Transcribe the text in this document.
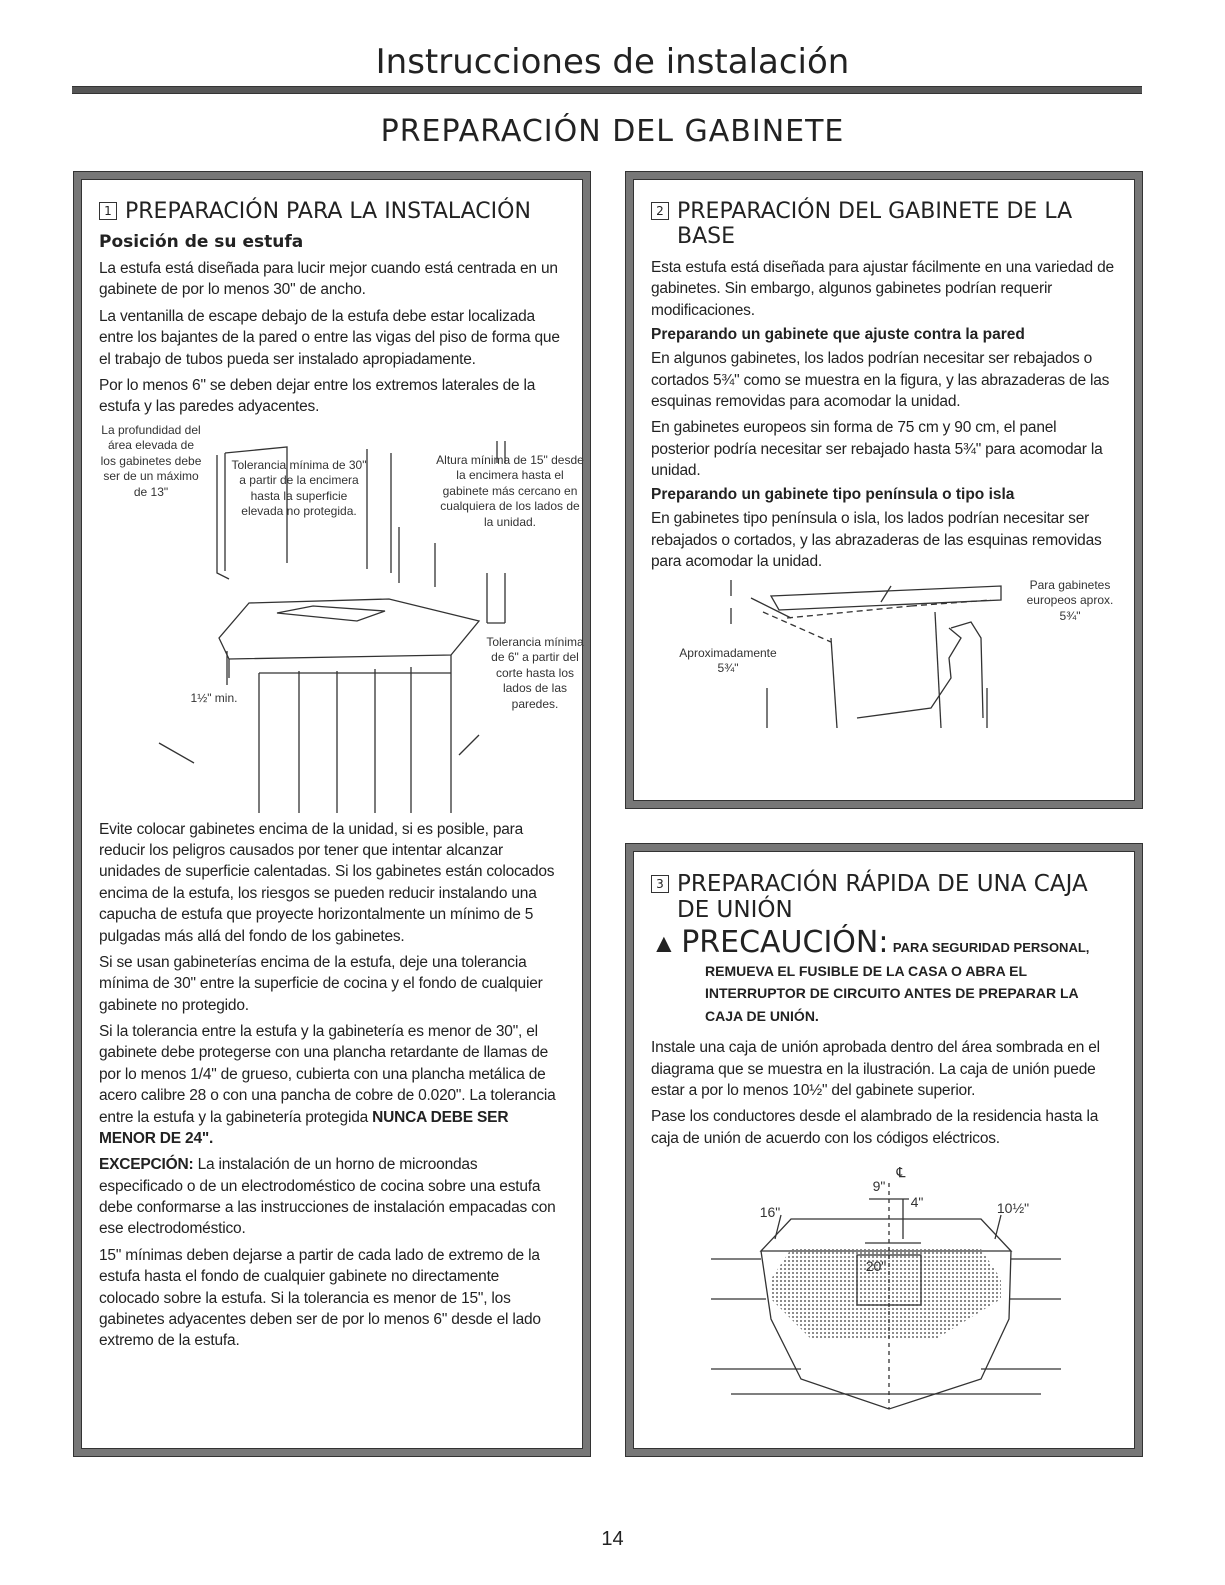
Instrucciones de instalación
PREPARACIÓN DEL GABINETE
1 PREPARACIÓN PARA LA INSTALACIÓN
Posición de su estufa

La estufa está diseñada para lucir mejor cuando está centrada en un gabinete de por lo menos 30" de ancho.

La ventanilla de escape debajo de la estufa debe estar localizada entre los bajantes de la pared o entre las vigas del piso de forma que el trabajo de tubos pueda ser instalado apropiadamente.

Por lo menos 6" se deben dejar entre los extremos laterales de la estufa y las paredes adyacentes.

La profundidad del área elevada de los gabinetes debe ser de un máximo de 13"
Tolerancia mínima de 30" a partir de la encimera hasta la superficie elevada no protegida.
Altura mínima de 15" desde la encimera hasta el gabinete más cercano en cualquiera de los lados de la unidad.
Tolerancia mínima de 6" a partir del corte hasta los lados de las paredes.
1½" min.

Evite colocar gabinetes encima de la unidad, si es posible, para reducir los peligros causados por tener que intentar alcanzar unidades de superficie calentadas. Si los gabinetes están colocados encima de la estufa, los riesgos se pueden reducir instalando una capucha de estufa que proyecte horizontalmente un mínimo de 5 pulgadas más allá del fondo de los gabinetes.

Si se usan gabineterías encima de la estufa, deje una tolerancia mínima de 30" entre la superficie de cocina y el fondo de cualquier gabinete no protegido.

Si la tolerancia entre la estufa y la gabinetería es menor de 30", el gabinete debe protegerse con una plancha retardante de llamas de por lo menos 1/4" de grueso, cubierta con una plancha metálica de acero calibre 28 o con una pancha de cobre de 0.020". La tolerancia entre la estufa y la gabinetería protegida NUNCA DEBE SER MENOR DE 24".

EXCEPCIÓN: La instalación de un horno de microondas especificado o de un electrodoméstico de cocina sobre una estufa debe conformarse a las instrucciones de instalación empacadas con ese electrodoméstico.

15" mínimas deben dejarse a partir de cada lado de extremo de la estufa hasta el fondo de cualquier gabinete no directamente colocado sobre la estufa. Si la tolerancia es menor de 15", los gabinetes adyacentes deben ser de por lo menos 6" desde el lado extremo de la estufa.

2 PREPARACIÓN DEL GABINETE DE LA
BASE

Esta estufa está diseñada para ajustar fácilmente en una variedad de gabinetes. Sin embargo, algunos gabinetes podrían requerir modificaciones.

Preparando un gabinete que ajuste contra la pared

En algunos gabinetes, los lados podrían necesitar ser rebajados o cortados 5¾" como se muestra en la figura, y las abrazaderas de las esquinas removidas para acomodar la unidad.

En gabinetes europeos sin forma de 75 cm y 90 cm, el panel posterior podría necesitar ser rebajado hasta 5¾" para acomodar la unidad.

Preparando un gabinete tipo península o tipo isla

En gabinetes tipo península o isla, los lados podrían necesitar ser rebajados o cortados, y las abrazaderas de las esquinas removidas para acomodar la unidad.

Aproximadamente
5¾"
Para gabinetes europeos aprox. 5¾"
3 PREPARACIÓN RÁPIDA DE UNA CAJA
DE UNIÓN
▲ PRECAUCIÓN: PARA SEGURIDAD PERSONAL,
REMUEVA EL FUSIBLE DE LA CASA O ABRA EL INTERRUPTOR DE CIRCUITO ANTES DE PREPARAR LA CAJA DE UNIÓN.

Instale una caja de unión aprobada dentro del área sombrada en el diagrama que se muestra en la ilustración. La caja de unión puede estar a por lo menos 10½" del gabinete superior.

Pase los conductores desde el alambrado de la residencia hasta la caja de unión de acuerdo con los códigos eléctricos.

℄
9"
4"
16"	10½"
20"
14
